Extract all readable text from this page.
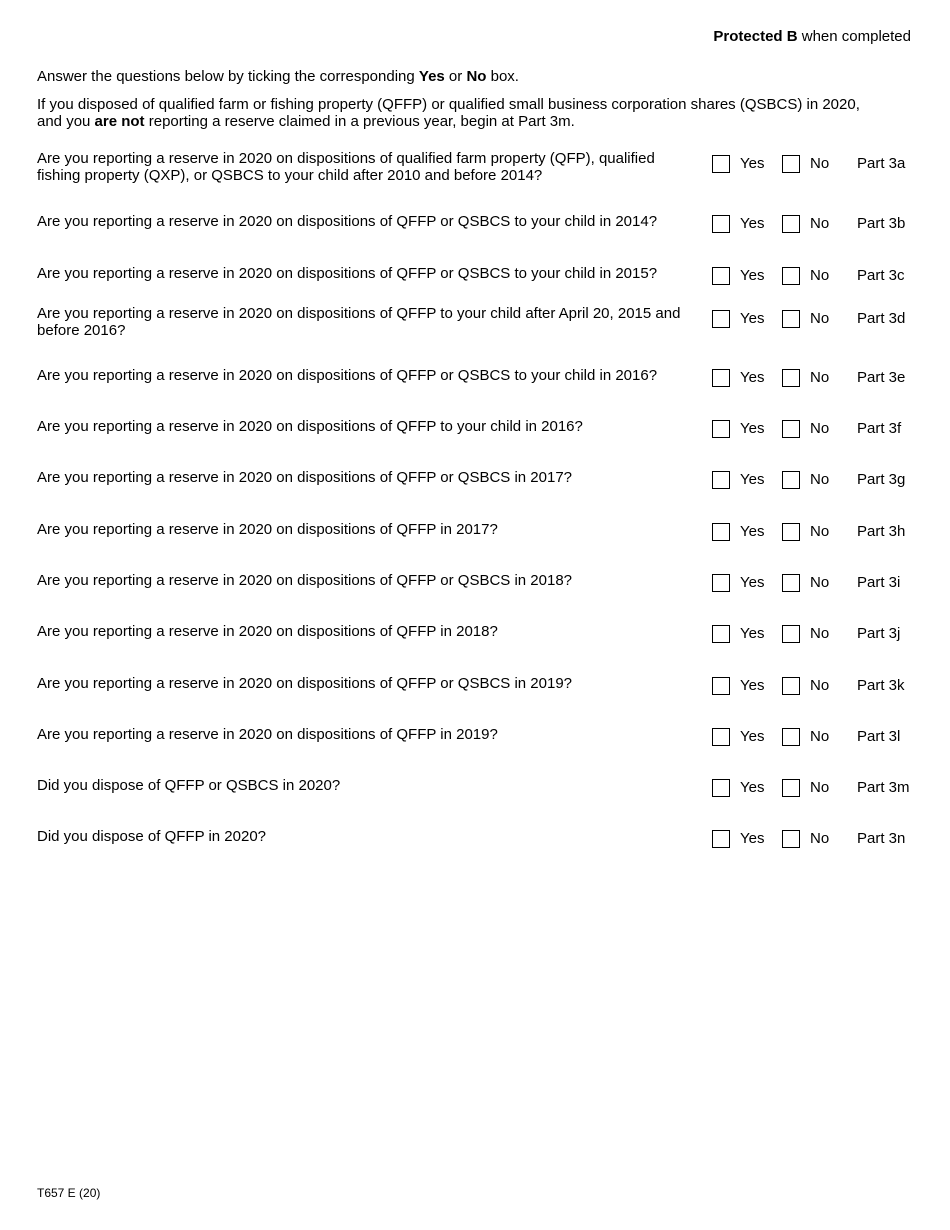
Protected B when completed
Answer the questions below by ticking the corresponding Yes or No box.
If you disposed of qualified farm or fishing property (QFFP) or qualified small business corporation shares (QSBCS) in 2020, and you are not reporting a reserve claimed in a previous year, begin at Part 3m.
Are you reporting a reserve in 2020 on dispositions of qualified farm property (QFP), qualified fishing property (QXP), or QSBCS to your child after 2010 and before 2014?
Yes	No Part 3a
Are you reporting a reserve in 2020 on dispositions of QFFP or QSBCS to your child in 2014?	Yes	No Part 3b
Are you reporting a reserve in 2020 on dispositions of QFFP or QSBCS to your child in 2015?	Yes	No Part 3c
Are you reporting a reserve in 2020 on dispositions of QFFP to your child after April 20, 2015 and before 2016?
Yes	No Part 3d
Are you reporting a reserve in 2020 on dispositions of QFFP or QSBCS to your child in 2016?	Yes	No Part 3e
Are you reporting a reserve in 2020 on dispositions of QFFP to your child in 2016?	Yes	No Part 3f
Are you reporting a reserve in 2020 on dispositions of QFFP or QSBCS in 2017?	Yes	No Part 3g
Are you reporting a reserve in 2020 on dispositions of QFFP in 2017?	Yes	No Part 3h
Are you reporting a reserve in 2020 on dispositions of QFFP or QSBCS in 2018?	Yes	No Part 3i
Are you reporting a reserve in 2020 on dispositions of QFFP in 2018?	Yes	No Part 3j
Are you reporting a reserve in 2020 on dispositions of QFFP or QSBCS in 2019?	Yes	No Part 3k
Are you reporting a reserve in 2020 on dispositions of QFFP in 2019?	Yes	No Part 3l
Did you dispose of QFFP or QSBCS in 2020?	Yes	No Part 3m
Did you dispose of QFFP in 2020?	Yes	No Part 3n
T657 E (20)
